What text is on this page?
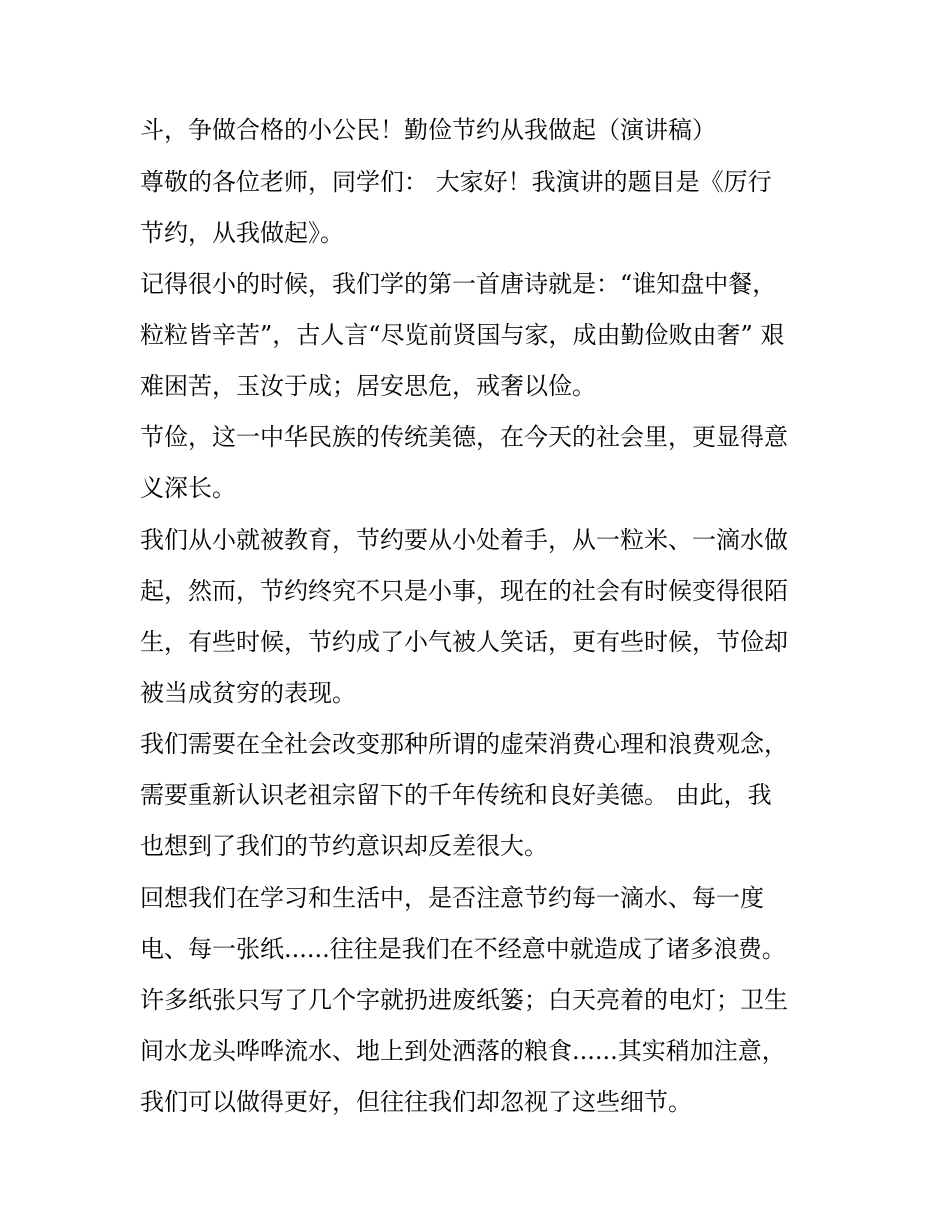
斗，争做合格的小公民！勤俭节约从我做起（演讲稿）
尊敬的各位老师，同学们： 大家好！我演讲的题目是《厉行
节约，从我做起》。
记得很小的时候，我们学的第一首唐诗就是：“谁知盘中餐，
粒粒皆辛苦”，古人言“尽览前贤国与家，成由勤俭败由奢” 艰
难困苦，玉汝于成；居安思危，戒奢以俭。
节俭，这一中华民族的传统美德，在今天的社会里，更显得意
义深长。
我们从小就被教育，节约要从小处着手，从一粒米、一滴水做
起，然而，节约终究不只是小事，现在的社会有时候变得很陌
生，有些时候，节约成了小气被人笑话，更有些时候，节俭却
被当成贫穷的表现。
我们需要在全社会改变那种所谓的虚荣消费心理和浪费观念，
需要重新认识老祖宗留下的千年传统和良好美德。 由此，我
也想到了我们的节约意识却反差很大。
回想我们在学习和生活中，是否注意节约每一滴水、每一度
电、每一张纸......往往是我们在不经意中就造成了诸多浪费。
许多纸张只写了几个字就扔进废纸篓；白天亮着的电灯；卫生
间水龙头哗哗流水、地上到处洒落的粮食......其实稍加注意，
我们可以做得更好，但往往我们却忽视了这些细节。
